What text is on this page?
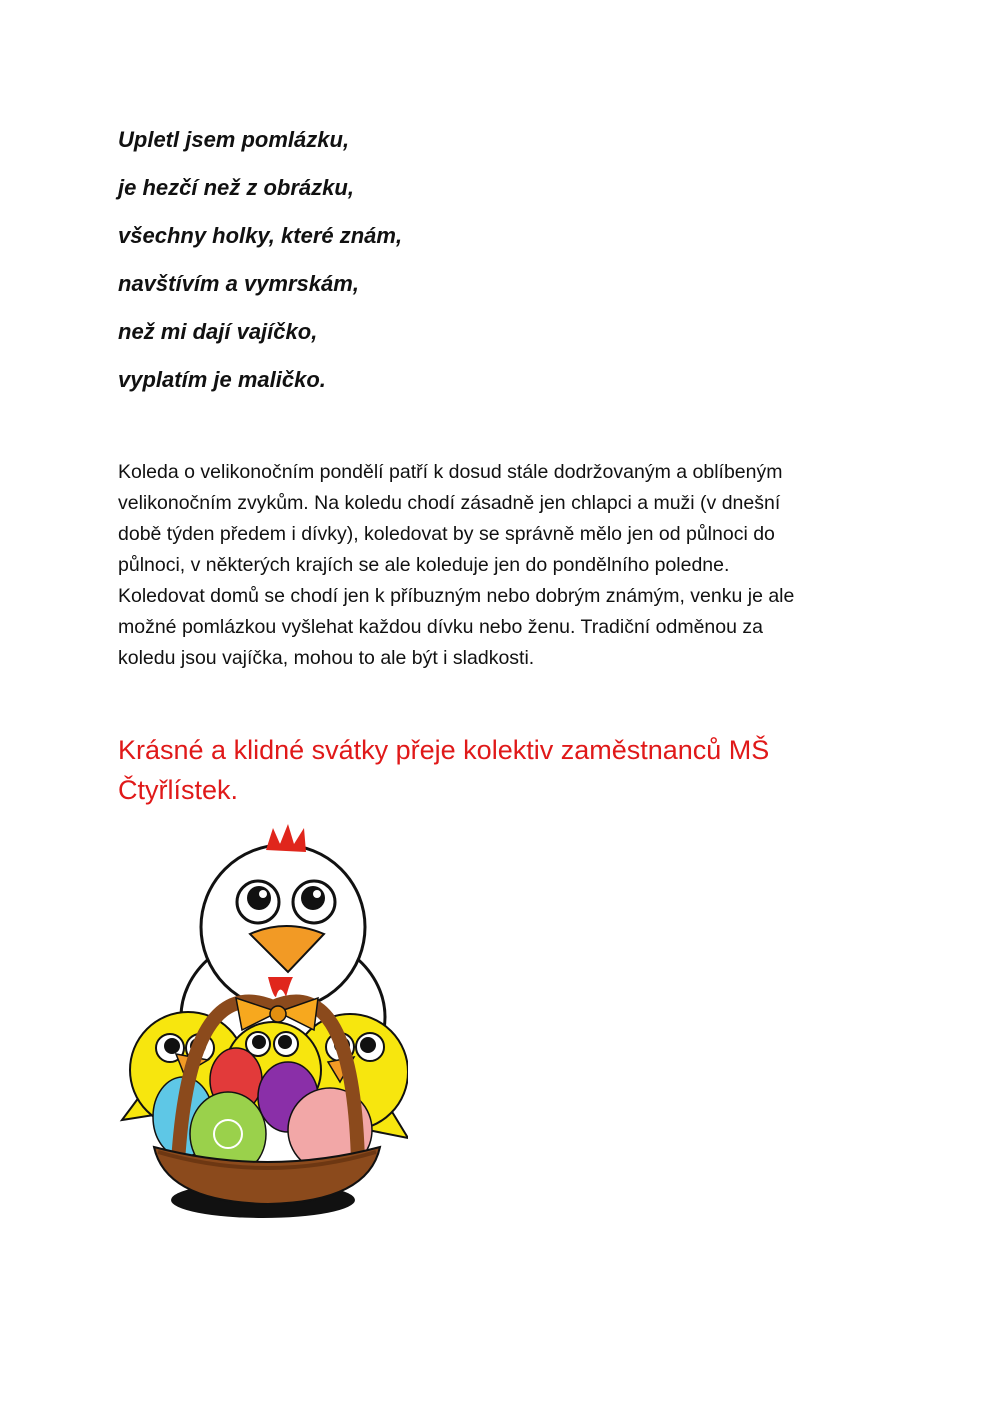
Upletl jsem pomlázku,

je hezčí než z obrázku,

všechny holky, které znám,

navštívím a vymrskám,

než mi dají vajíčko,

vyplatím je maličko.

Koleda o velikonočním pondělí patří k dosud stále dodržovaným a oblíbeným
velikonočním zvykům. Na koledu chodí zásadně jen chlapci a muži (v dnešní
době týden předem i dívky), koledovat by se správně mělo jen od půlnoci do
půlnoci, v některých krajích se ale koleduje jen do pondělního poledne.
Koledovat domů se chodí jen k příbuzným nebo dobrým známým, venku je ale
možné pomlázkou vyšlehat každou dívku nebo ženu. Tradiční odměnou za
koledu jsou vajíčka, mohou to ale být i sladkosti.

Krásné a klidné svátky přeje kolektiv zaměstnanců MŠ
Čtyřlístek.
